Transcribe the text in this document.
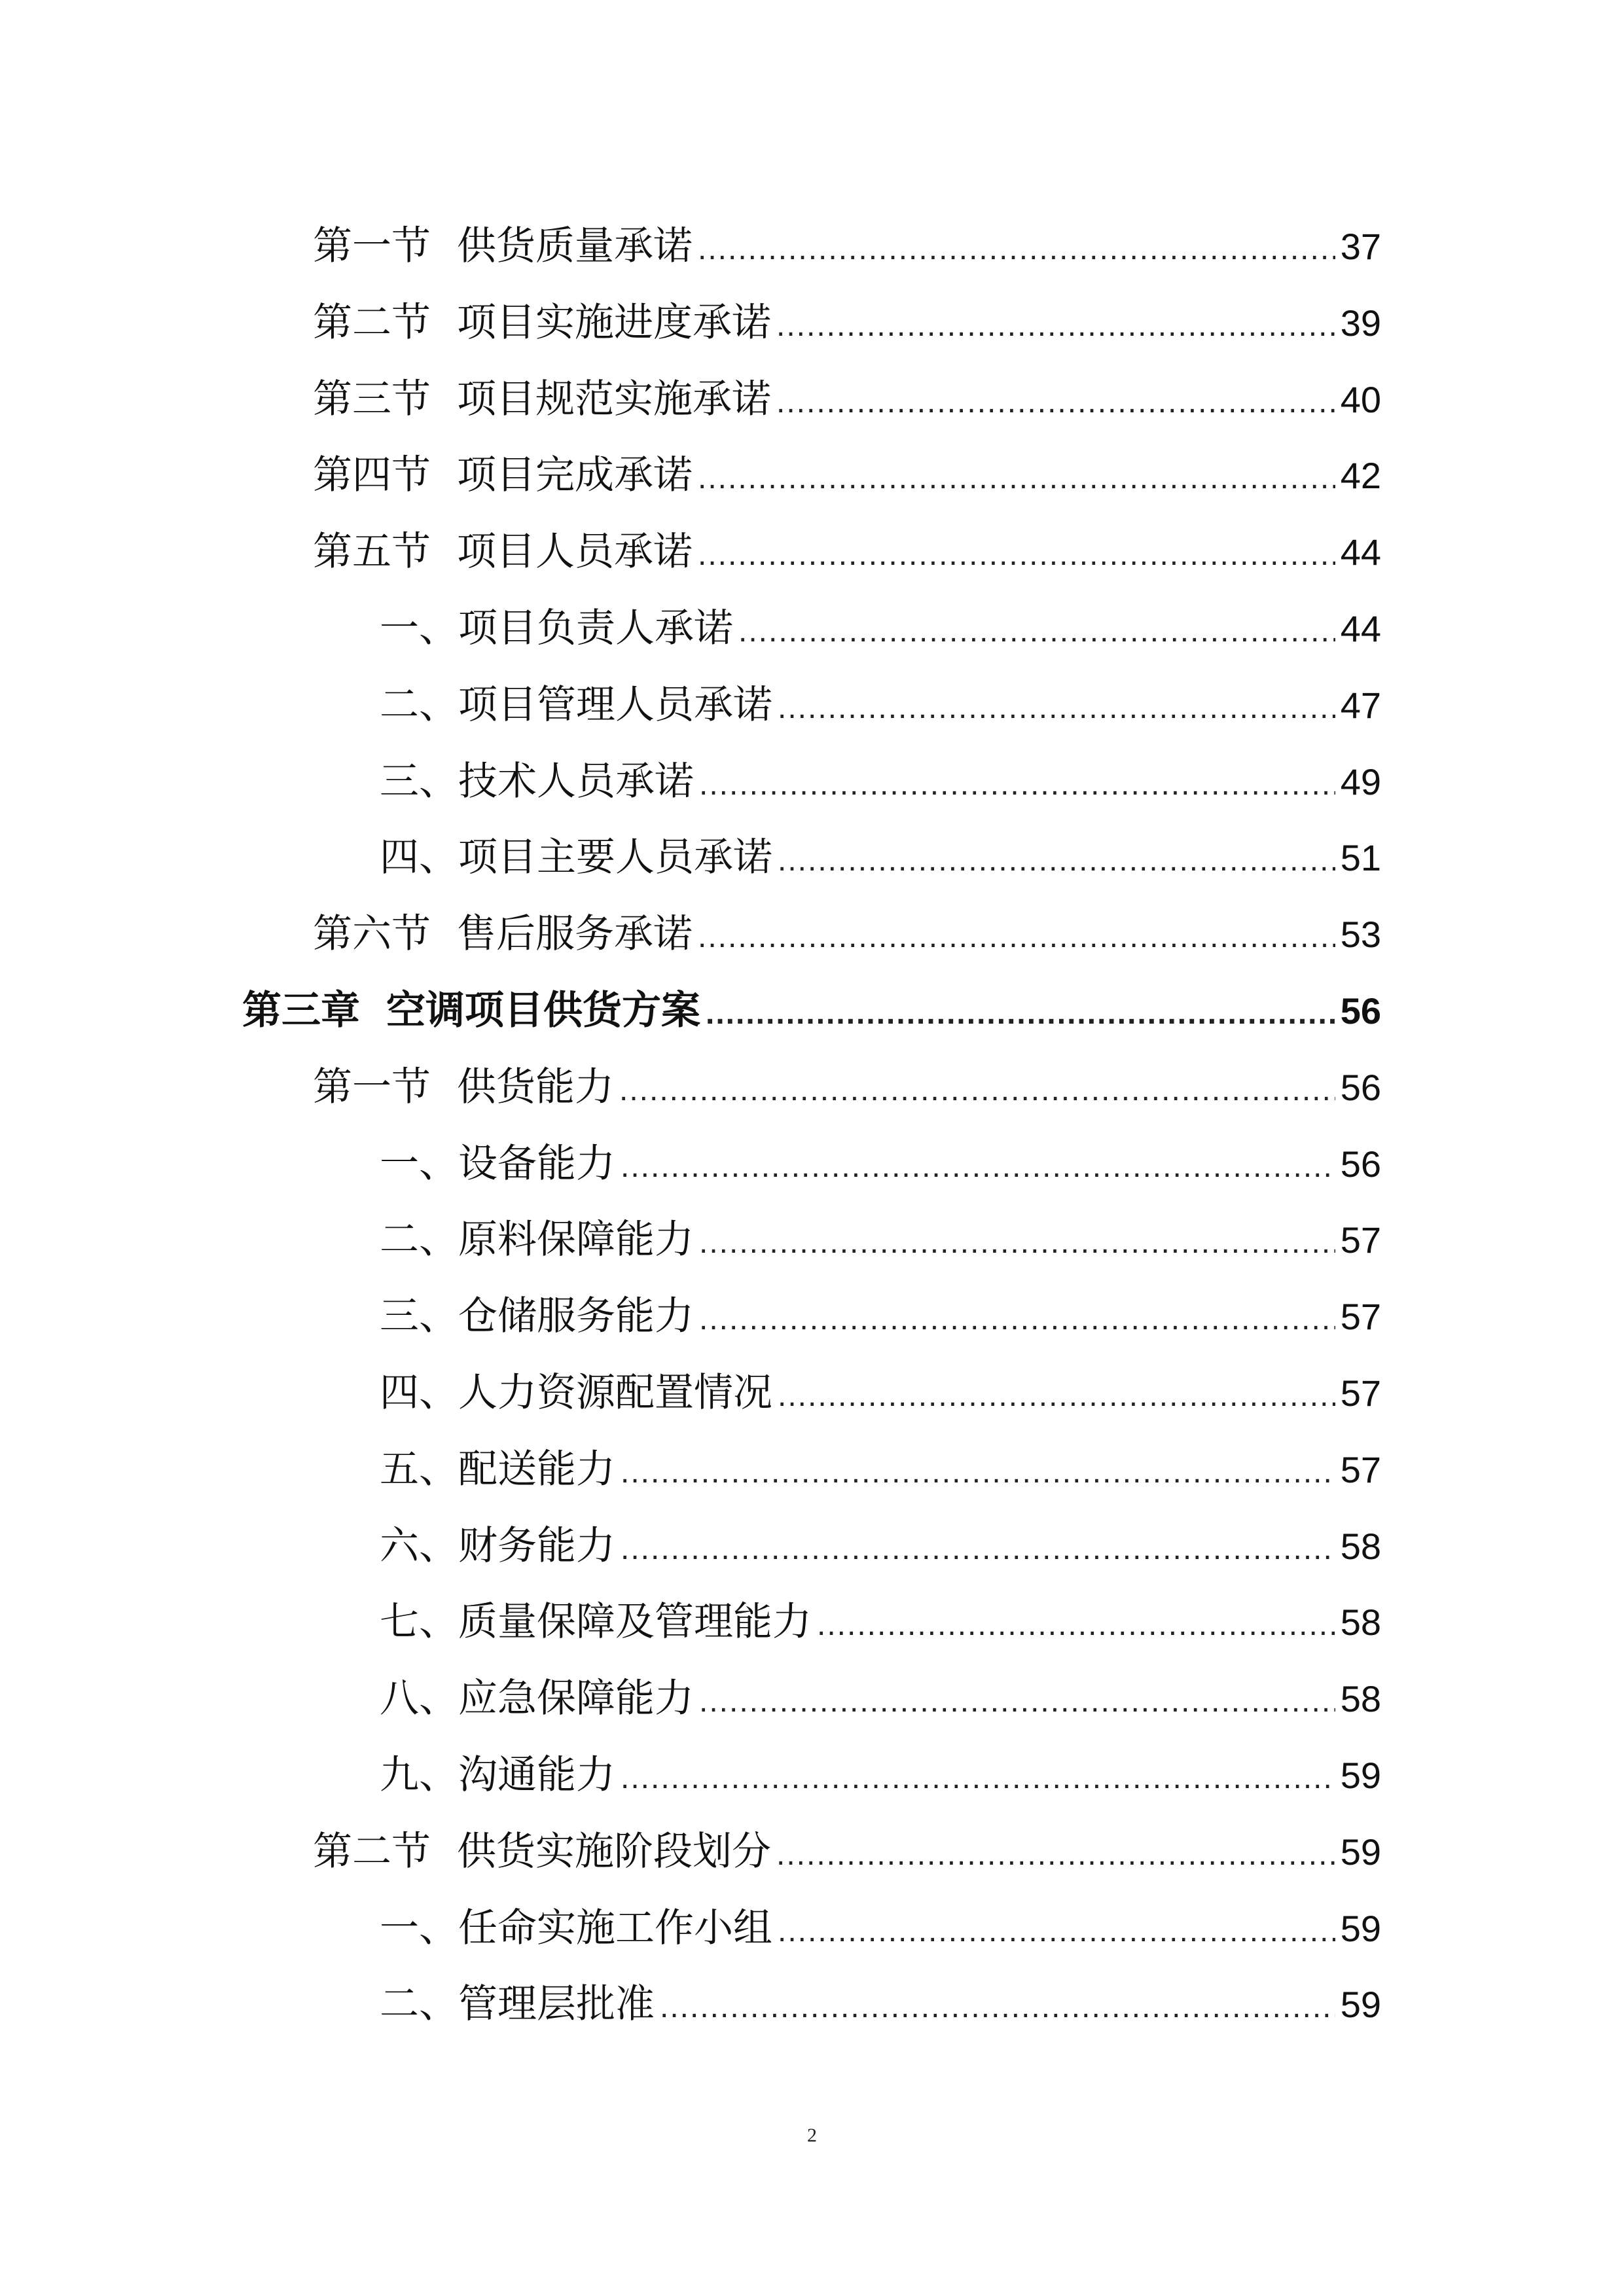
第一节 供货质量承诺 .....	37
第二节 项目实施进度承诺 .....	39
第三节 项目规范实施承诺 .....	40
第四节 项目完成承诺 .....	42
第五节 项目人员承诺 .....	44
一、项目负责人承诺 .....	44
二、项目管理人员承诺 .....	47
三、技术人员承诺 .....	49
四、项目主要人员承诺 .....	51
第六节 售后服务承诺 .....	53
第三章 空调项目供货方案 .....	56
第一节 供货能力 .....	56
一、设备能力 .....	56
二、原料保障能力 .....	57
三、仓储服务能力 .....	57
四、人力资源配置情况 .....	57
五、配送能力 .....	57
六、财务能力 .....	58
七、质量保障及管理能力 .....	58
八、应急保障能力 .....	58
九、沟通能力 .....	59
第二节 供货实施阶段划分 .....	59
一、任命实施工作小组 .....	59
二、管理层批准 .....	59
2
